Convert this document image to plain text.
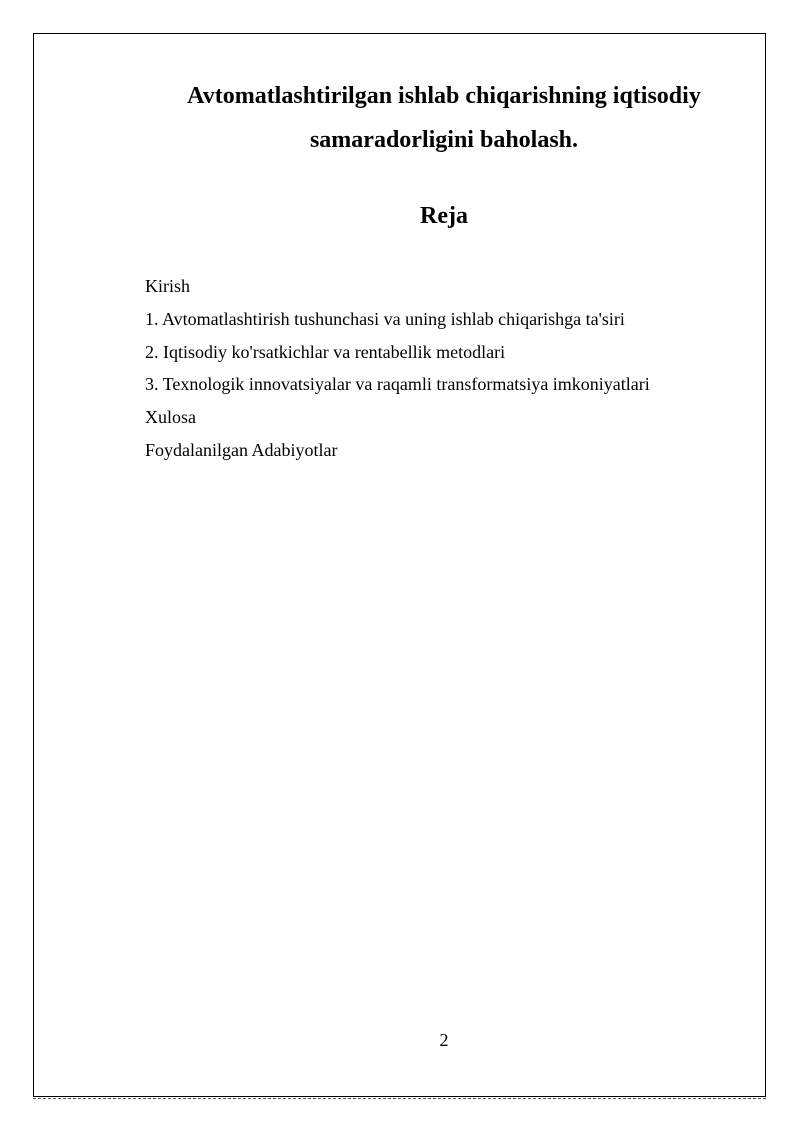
Avtomatlashtirilgan ishlab chiqarishning iqtisodiy samaradorligini baholash.
Reja
Kirish
1. Avtomatlashtirish tushunchasi va uning ishlab chiqarishga ta'siri
2. Iqtisodiy ko'rsatkichlar va rentabellik metodlari
3. Texnologik innovatsiyalar va raqamli transformatsiya imkoniyatlari
Xulosa
Foydalanilgan Adabiyotlar
2
